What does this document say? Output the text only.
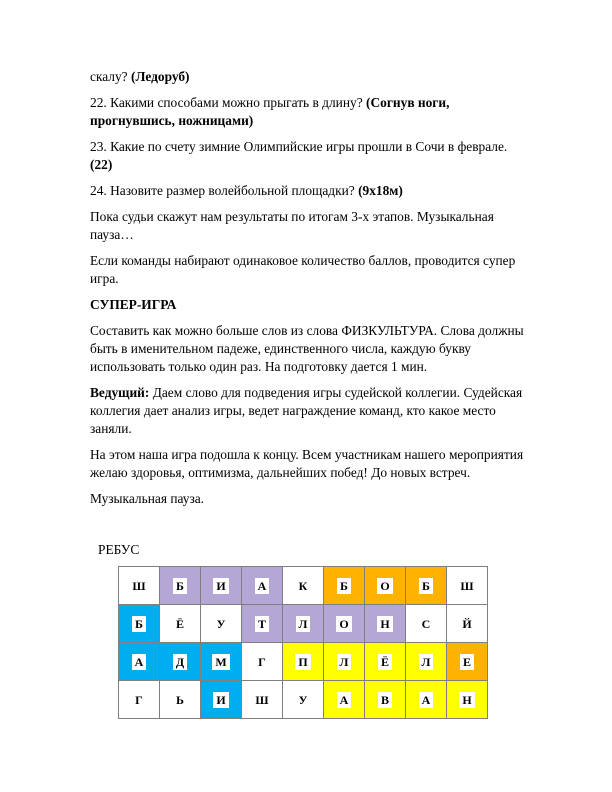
скалу? (Ледоруб)

22. Какими способами можно прыгать в длину? (Согнув ноги, прогнувшись, ножницами)

23. Какие по счету зимние Олимпийские игры прошли в Сочи в феврале. (22)

24. Назовите размер волейбольной площадки? (9х18м)

Пока судьи скажут нам результаты по итогам 3-х этапов. Музыкальная пауза…

Если команды набирают одинаковое количество баллов, проводится супер игра.

СУПЕР-ИГРА

Составить как можно больше слов из слова ФИЗКУЛЬТУРА. Слова должны быть в именительном падеже, единственного числа, каждую букву использовать только один раз. На подготовку дается 1 мин.

Ведущий: Даем слово для подведения игры судейской коллегии. Судейская коллегия дает анализ игры, ведет награждение команд, кто какое место заняли.

На этом наша игра подошла к концу. Всем участникам нашего мероприятия желаю здоровья, оптимизма, дальнейших побед! До новых встреч.

Музыкальная пауза.

РЕБУС
Ш	Б	И	А	К	Б	О	Б	Ш
Б	Ё	У	Т	Л	О	Н	С	Й
А	Д	М	Г	П	Л	Ё	Л	Е
Г	Ь	И	Ш	У	А	В	А	Н
